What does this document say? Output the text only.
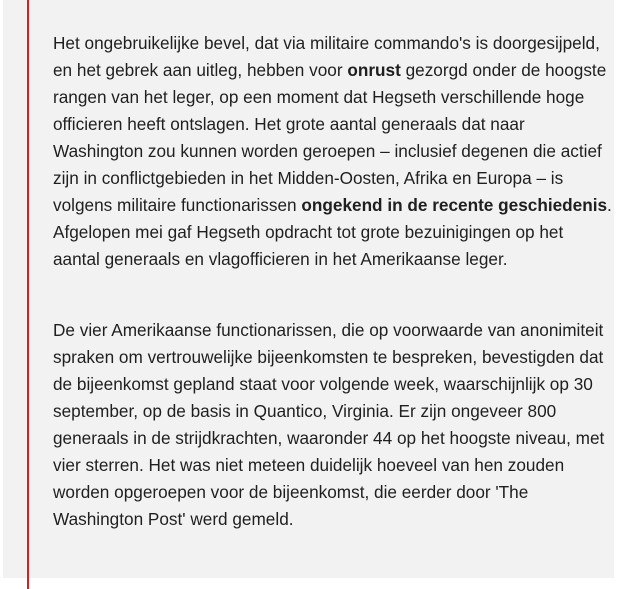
Het ongebruikelijke bevel, dat via militaire commando's is doorgesijpeld, en het gebrek aan uitleg, hebben voor onrust gezorgd onder de hoogste rangen van het leger, op een moment dat Hegseth verschillende hoge officieren heeft ontslagen. Het grote aantal generaals dat naar Washington zou kunnen worden geroepen – inclusief degenen die actief zijn in conflictgebieden in het Midden-Oosten, Afrika en Europa – is volgens militaire functionarissen ongekend in de recente geschiedenis. Afgelopen mei gaf Hegseth opdracht tot grote bezuinigingen op het aantal generaals en vlagofficieren in het Amerikaanse leger.

De vier Amerikaanse functionarissen, die op voorwaarde van anonimiteit spraken om vertrouwelijke bijeenkomsten te bespreken, bevestigden dat de bijeenkomst gepland staat voor volgende week, waarschijnlijk op 30 september, op de basis in Quantico, Virginia. Er zijn ongeveer 800 generaals in de strijdkrachten, waaronder 44 op het hoogste niveau, met vier sterren. Het was niet meteen duidelijk hoeveel van hen zouden worden opgeroepen voor de bijeenkomst, die eerder door 'The Washington Post' werd gemeld.
